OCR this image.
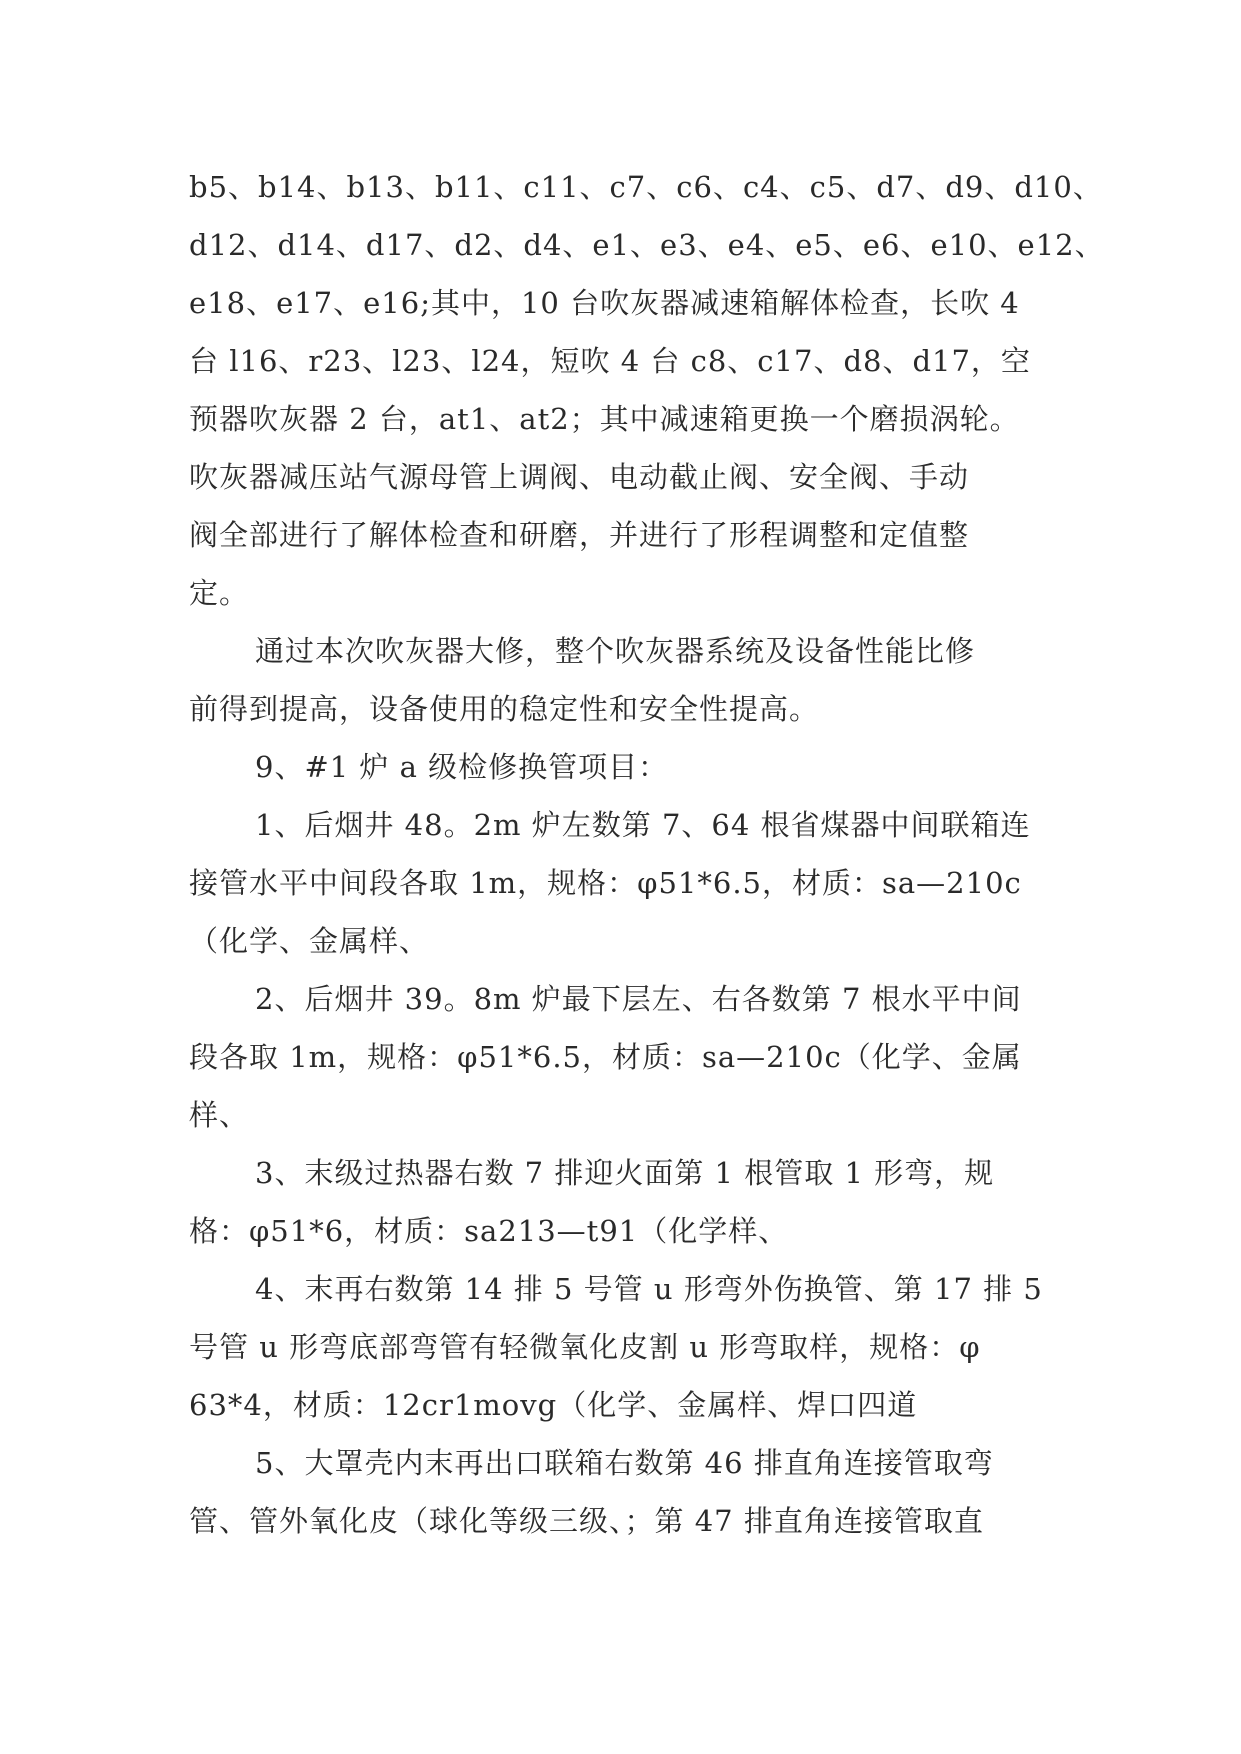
b5、b14、b13、b11、c11、c7、c6、c4、c5、d7、d9、d10、
d12、d14、d17、d2、d4、e1、e3、e4、e5、e6、e10、e12、
e18、e17、e16;其中，10 台吹灰器减速箱解体检查，长吹 4
台 l16、r23、l23、l24，短吹 4 台 c8、c17、d8、d17，空
预器吹灰器 2 台，at1、at2；其中减速箱更换一个磨损涡轮。
吹灰器减压站气源母管上调阀、电动截止阀、安全阀、手动
阀全部进行了解体检查和研磨，并进行了形程调整和定值整
定。
通过本次吹灰器大修，整个吹灰器系统及设备性能比修
前得到提高，设备使用的稳定性和安全性提高。
9、#1 炉 a 级检修换管项目：
1、后烟井 48。2m 炉左数第 7、64 根省煤器中间联箱连
接管水平中间段各取 1m，规格：φ51*6.5，材质：sa—210c
（化学、金属样、
2、后烟井 39。8m 炉最下层左、右各数第 7 根水平中间
段各取 1m，规格：φ51*6.5，材质：sa—210c（化学、金属
样、
3、末级过热器右数 7 排迎火面第 1 根管取 1 形弯，规
格：φ51*6，材质：sa213—t91（化学样、
4、末再右数第 14 排 5 号管 u 形弯外伤换管、第 17 排 5
号管 u 形弯底部弯管有轻微氧化皮割 u 形弯取样，规格：φ
63*4，材质：12cr1movg（化学、金属样、焊口四道
5、大罩壳内末再出口联箱右数第 46 排直角连接管取弯
管、管外氧化皮（球化等级三级、；第 47 排直角连接管取直
